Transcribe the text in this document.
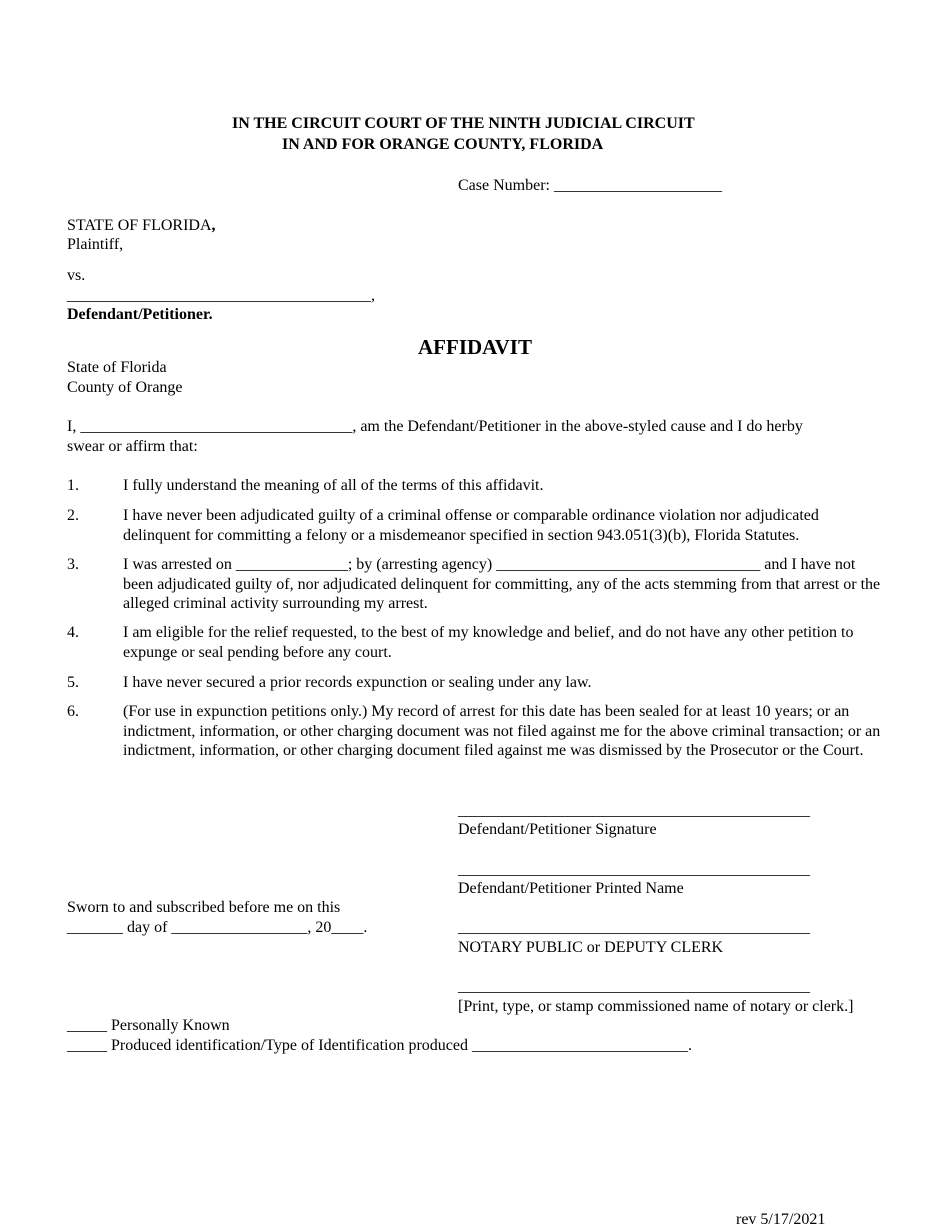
IN THE CIRCUIT COURT OF THE NINTH JUDICIAL CIRCUIT
IN AND FOR ORANGE COUNTY, FLORIDA
Case Number: _____________________
STATE OF FLORIDA,
Plaintiff,
vs.
______________________________________,
Defendant/Petitioner.
AFFIDAVIT
State of Florida
County of Orange
I, __________________________________, am the Defendant/Petitioner in the above-styled cause and I do herby
swear or affirm that:
1.	I fully understand the meaning of all of the terms of this affidavit.
2.	I have never been adjudicated guilty of a criminal offense or comparable ordinance violation nor adjudicated delinquent for committing a felony or a misdemeanor specified in section 943.051(3)(b), Florida Statutes.
3.	I was arrested on ______________; by (arresting agency) _________________________________ and I have not been adjudicated guilty of, nor adjudicated delinquent for committing, any of the acts stemming from that arrest or the alleged criminal activity surrounding my arrest.
4.	I am eligible for the relief requested, to the best of my knowledge and belief, and do not have any other petition to expunge or seal pending before any court.
5.	I have never secured a prior records expunction or sealing under any law.
6.	(For use in expunction petitions only.) My record of arrest for this date has been sealed for at least 10 years; or an indictment, information, or other charging document was not filed against me for the above criminal transaction; or an indictment, information, or other charging document filed against me was dismissed by the Prosecutor or the Court.
____________________________________________
Defendant/Petitioner Signature
____________________________________________
Defendant/Petitioner Printed Name
Sworn to and subscribed before me on this
_______ day of _________________, 20____.	____________________________________________
NOTARY PUBLIC or DEPUTY CLERK
____________________________________________
[Print, type, or stamp commissioned name of notary or clerk.]
_____ Personally Known
_____ Produced identification/Type of Identification produced ___________________________.
rev 5/17/2021
